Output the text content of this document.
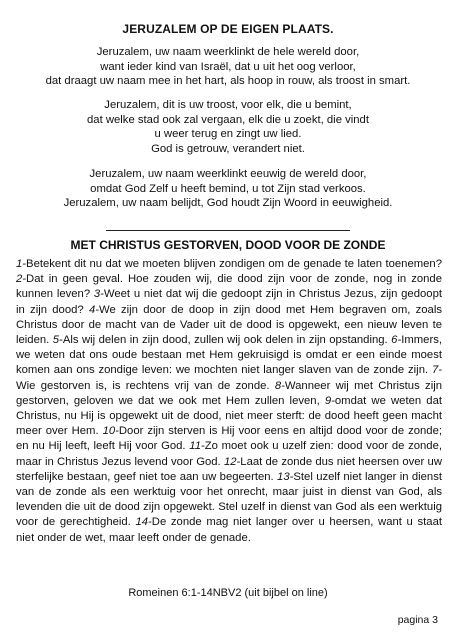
JERUZALEM OP DE EIGEN PLAATS.
Jeruzalem, uw naam weerklinkt de hele wereld door,
want ieder kind van Israël, dat u uit het oog verloor,
dat draagt uw naam mee in het hart, als hoop in rouw, als troost in smart.
Jeruzalem, dit is uw troost, voor elk, die u bemint,
dat welke stad ook zal vergaan, elk die u zoekt, die vindt
u weer terug en zingt uw lied.
God is getrouw, verandert niet.
Jeruzalem, uw naam weerklinkt eeuwig de wereld door,
omdat God Zelf u heeft bemind, u tot Zijn stad verkoos.
Jeruzalem, uw naam belijdt, God houdt Zijn Woord in eeuwigheid.
MET CHRISTUS GESTORVEN, DOOD VOOR DE ZONDE
1-Betekent dit nu dat we moeten blijven zondigen om de genade te laten toenemen? 2-Dat in geen geval. Hoe zouden wij, die dood zijn voor de zonde, nog in zonde kunnen leven? 3-Weet u niet dat wij die gedoopt zijn in Christus Jezus, zijn gedoopt in zijn dood? 4-We zijn door de doop in zijn dood met Hem begraven om, zoals Christus door de macht van de Vader uit de dood is opgewekt, een nieuw leven te leiden. 5-Als wij delen in zijn dood, zullen wij ook delen in zijn opstanding. 6-Immers, we weten dat ons oude bestaan met Hem gekruisigd is omdat er een einde moest komen aan ons zondige leven: we mochten niet langer slaven van de zonde zijn. 7-Wie gestorven is, is rechtens vrij van de zonde. 8-Wanneer wij met Christus zijn gestorven, geloven we dat we ook met Hem zullen leven, 9-omdat we weten dat Christus, nu Hij is opgewekt uit de dood, niet meer sterft: de dood heeft geen macht meer over Hem. 10-Door zijn sterven is Hij voor eens en altijd dood voor de zonde; en nu Hij leeft, leeft Hij voor God. 11-Zo moet ook u uzelf zien: dood voor de zonde, maar in Christus Jezus levend voor God. 12-Laat de zonde dus niet heersen over uw sterfelijke bestaan, geef niet toe aan uw begeerten. 13-Stel uzelf niet langer in dienst van de zonde als een werktuig voor het onrecht, maar juist in dienst van God, als levenden die uit de dood zijn opgewekt. Stel uzelf in dienst van God als een werktuig voor de gerechtigheid. 14-De zonde mag niet langer over u heersen, want u staat niet onder de wet, maar leeft onder de genade.
Romeinen 6:1-14NBV2 (uit bijbel on line)
pagina 3
